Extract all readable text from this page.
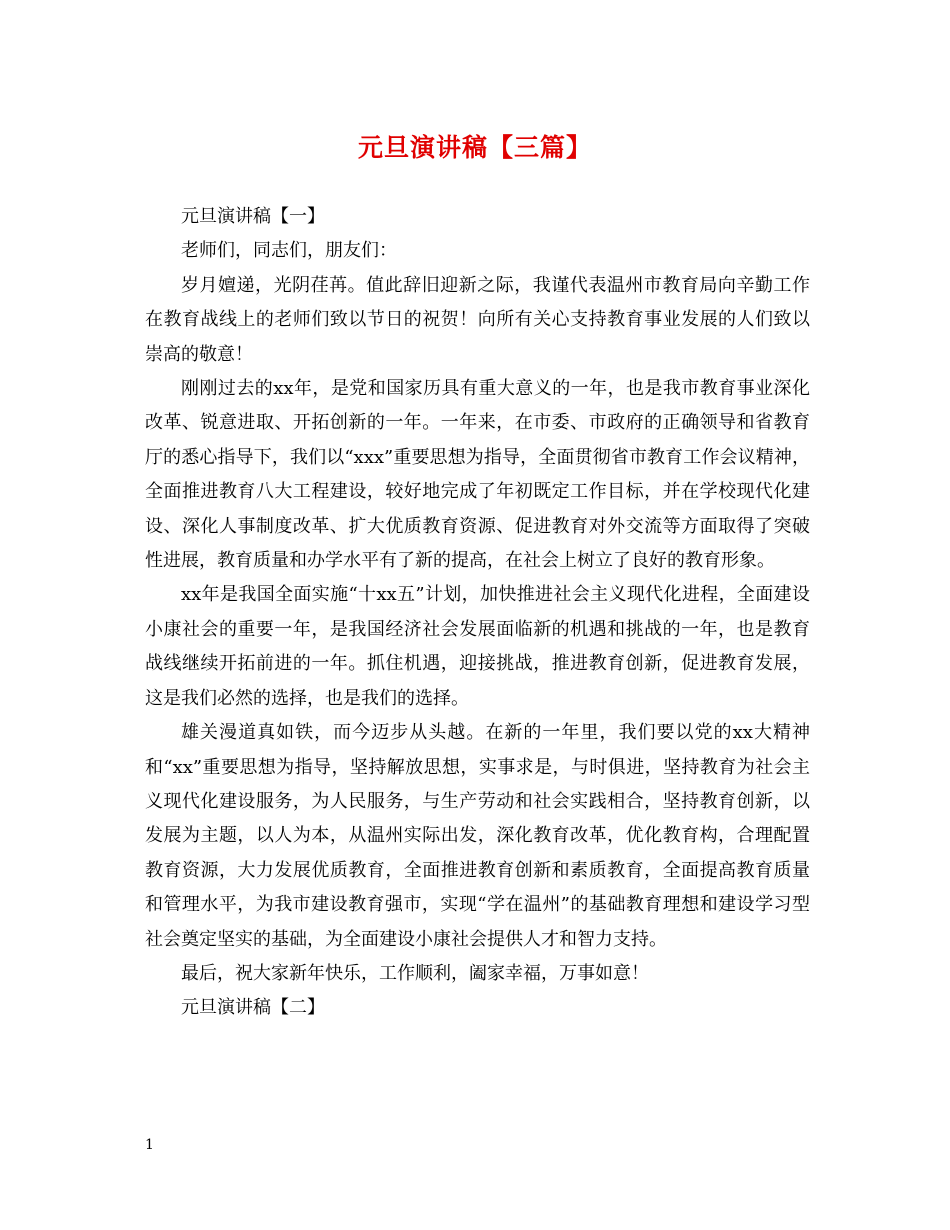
元旦演讲稿【三篇】

元旦演讲稿【一】

老师们，同志们，朋友们：

岁月嬗递，光阴荏苒。值此辞旧迎新之际，我谨代表温州市教育局向辛勤工作在教育战线上的老师们致以节日的祝贺！向所有关心支持教育事业发展的人们致以崇高的敬意！

刚刚过去的xx年，是党和国家历具有重大意义的一年，也是我市教育事业深化改革、锐意进取、开拓创新的一年。一年来，在市委、市政府的正确领导和省教育厅的悉心指导下，我们以“xxx”重要思想为指导，全面贯彻省市教育工作会议精神，全面推进教育八大工程建设，较好地完成了年初既定工作目标，并在学校现代化建设、深化人事制度改革、扩大优质教育资源、促进教育对外交流等方面取得了突破性进展，教育质量和办学水平有了新的提高，在社会上树立了良好的教育形象。

xx年是我国全面实施“十xx五”计划，加快推进社会主义现代化进程，全面建设小康社会的重要一年，是我国经济社会发展面临新的机遇和挑战的一年，也是教育战线继续开拓前进的一年。抓住机遇，迎接挑战，推进教育创新，促进教育发展，这是我们必然的选择，也是我们的选择。

雄关漫道真如铁，而今迈步从头越。在新的一年里，我们要以党的xx大精神和“xx”重要思想为指导，坚持解放思想，实事求是，与时俱进，坚持教育为社会主义现代化建设服务，为人民服务，与生产劳动和社会实践相合，坚持教育创新，以发展为主题，以人为本，从温州实际出发，深化教育改革，优化教育构，合理配置教育资源，大力发展优质教育，全面推进教育创新和素质教育，全面提高教育质量和管理水平，为我市建设教育强市，实现“学在温州”的基础教育理想和建设学习型社会奠定坚实的基础，为全面建设小康社会提供人才和智力支持。

最后，祝大家新年快乐，工作顺利，阖家幸福，万事如意！

元旦演讲稿【二】

1
